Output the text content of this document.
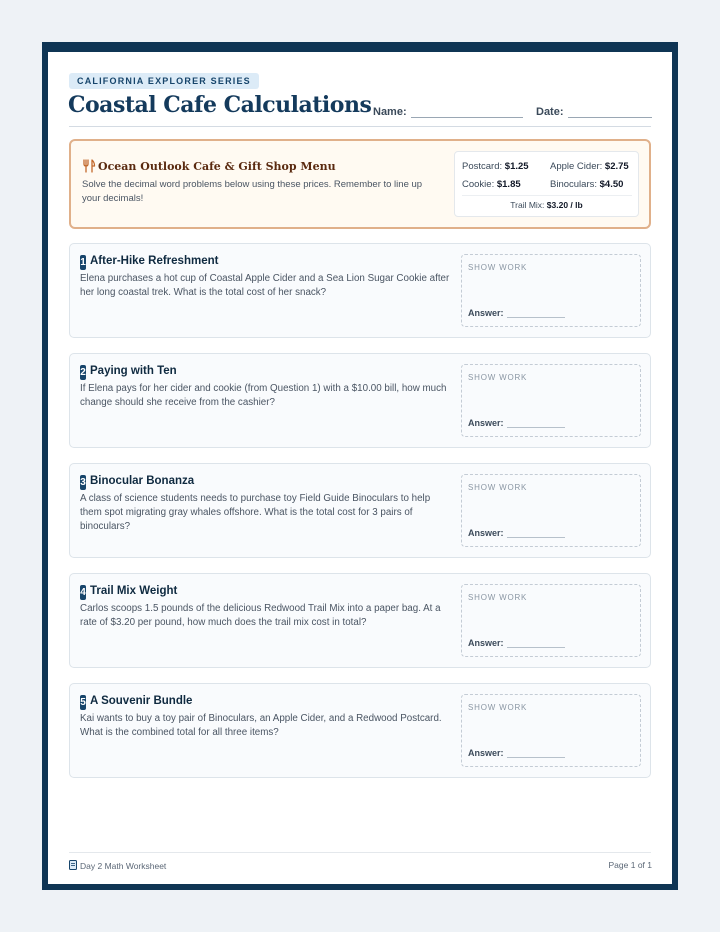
CALIFORNIA EXPLORER SERIES
Coastal Cafe Calculations Name:	Date:
Ocean Outlook Cafe & Gift Shop Menu
Solve the decimal word problems below using these prices. Remember to line up your decimals!
Postcard: $1.25 Apple Cider: $2.75
Cookie: $1.85	Binoculars: $4.50
Trail Mix: $3.20 / lb
1 After-Hike Refreshment
Elena purchases a hot cup of Coastal Apple Cider and a Sea Lion Sugar Cookie after her long coastal trek. What is the total cost of her snack?
SHOW WORK
Answer:
2 Paying with Ten
If Elena pays for her cider and cookie (from Question 1) with a $10.00 bill, how much change should she receive from the cashier?
SHOW WORK
Answer:
3 Binocular Bonanza
A class of science students needs to purchase toy Field Guide Binoculars to help them spot migrating gray whales offshore. What is the total cost for 3 pairs of binoculars?
SHOW WORK
Answer:
4 Trail Mix Weight
Carlos scoops 1.5 pounds of the delicious Redwood Trail Mix into a paper bag. At a rate of $3.20 per pound, how much does the trail mix cost in total?
SHOW WORK
Answer:
5 A Souvenir Bundle
Kai wants to buy a toy pair of Binoculars, an Apple Cider, and a Redwood Postcard. What is the combined total for all three items?
SHOW WORK
Answer:
Day 2 Math Worksheet	Page 1 of 1
